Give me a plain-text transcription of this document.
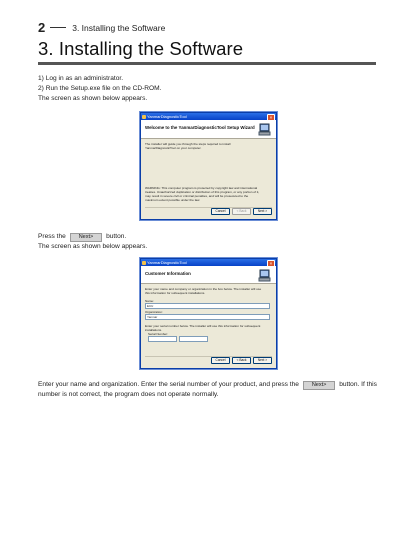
2	3. Installing the Software
3. Installing the Software
1) Log in as an administrator.
2) Run the Setup.exe file on the CD-ROM.
The screen as shown below appears.
YanmarDiagnosticTool	×
Welcome to the YanmarDiagnosticTool Setup Wizard
The installer will guide you through the steps required to install YanmarDiagnosticTool on your computer.
WARNING: This computer program is protected by copyright law and international treaties. Unauthorized duplication or distribution of this program, or any portion of it, may result in severe civil or criminal penalties, and will be prosecuted to the maximum extent possible under the law.
Cancel	< Back	Next >
Press the Next> button.
The screen as shown below appears.
YanmarDiagnosticTool	×
Customer Information
Enter your name and company or organization in the box below. The installer will use this information for subsequent installations.
Name:
ECU
Organization:
Yanmar
Enter your serial number below. The installer will use this information for subsequent installations.
Serial Number:
Cancel	< Back	Next >
Enter your name and organization. Enter the serial number of your product, and press the Next> button. If this number is not correct, the program does not operate normally.
